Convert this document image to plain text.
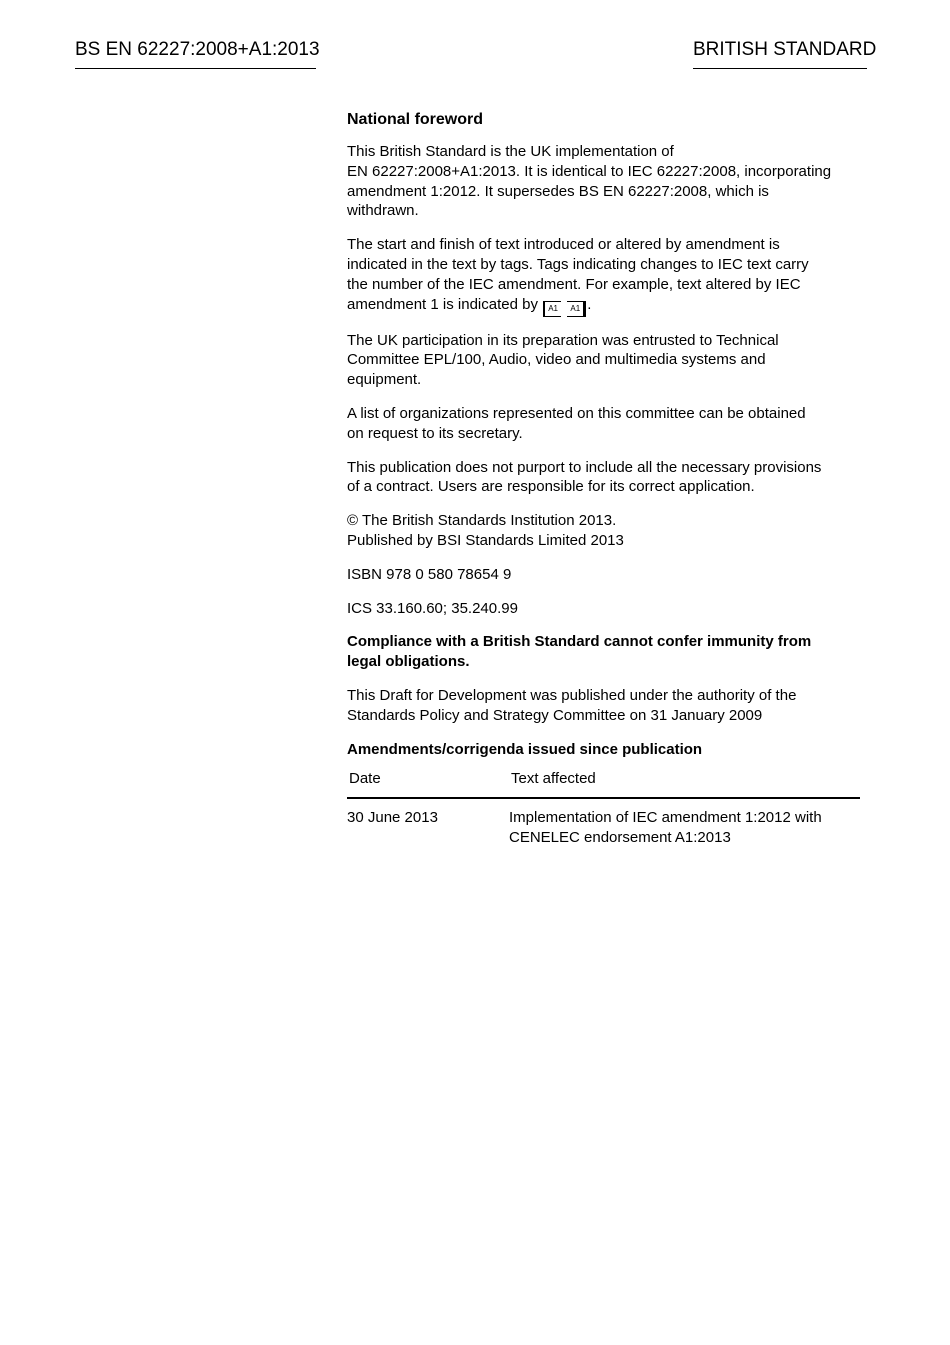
BS EN 62227:2008+A1:2013	BRITISH STANDARD
National foreword

This British Standard is the UK implementation of
EN 62227:2008+A1:2013. It is identical to IEC 62227:2008, incorporating
amendment 1:2012. It supersedes BS EN 62227:2008, which is
withdrawn.

The start and finish of text introduced or altered by amendment is
indicated in the text by tags. Tags indicating changes to IEC text carry
the number of the IEC amendment. For example, text altered by IEC
amendment 1 is indicated by A1 A1 .

The UK participation in its preparation was entrusted to Technical
Committee EPL/100, Audio, video and multimedia systems and
equipment.

A list of organizations represented on this committee can be obtained
on request to its secretary.

This publication does not purport to include all the necessary provisions
of a contract. Users are responsible for its correct application.

© The British Standards Institution 2013.
Published by BSI Standards Limited 2013

ISBN 978 0 580 78654 9

ICS 33.160.60; 35.240.99

Compliance with a British Standard cannot confer immunity from
legal obligations.

This Draft for Development was published under the authority of the
Standards Policy and Strategy Committee on 31 January 2009

Amendments/corrigenda issued since publication
Date	Text affected
30 June 2013	Implementation of IEC amendment 1:2012 with
CENELEC endorsement A1:2013
